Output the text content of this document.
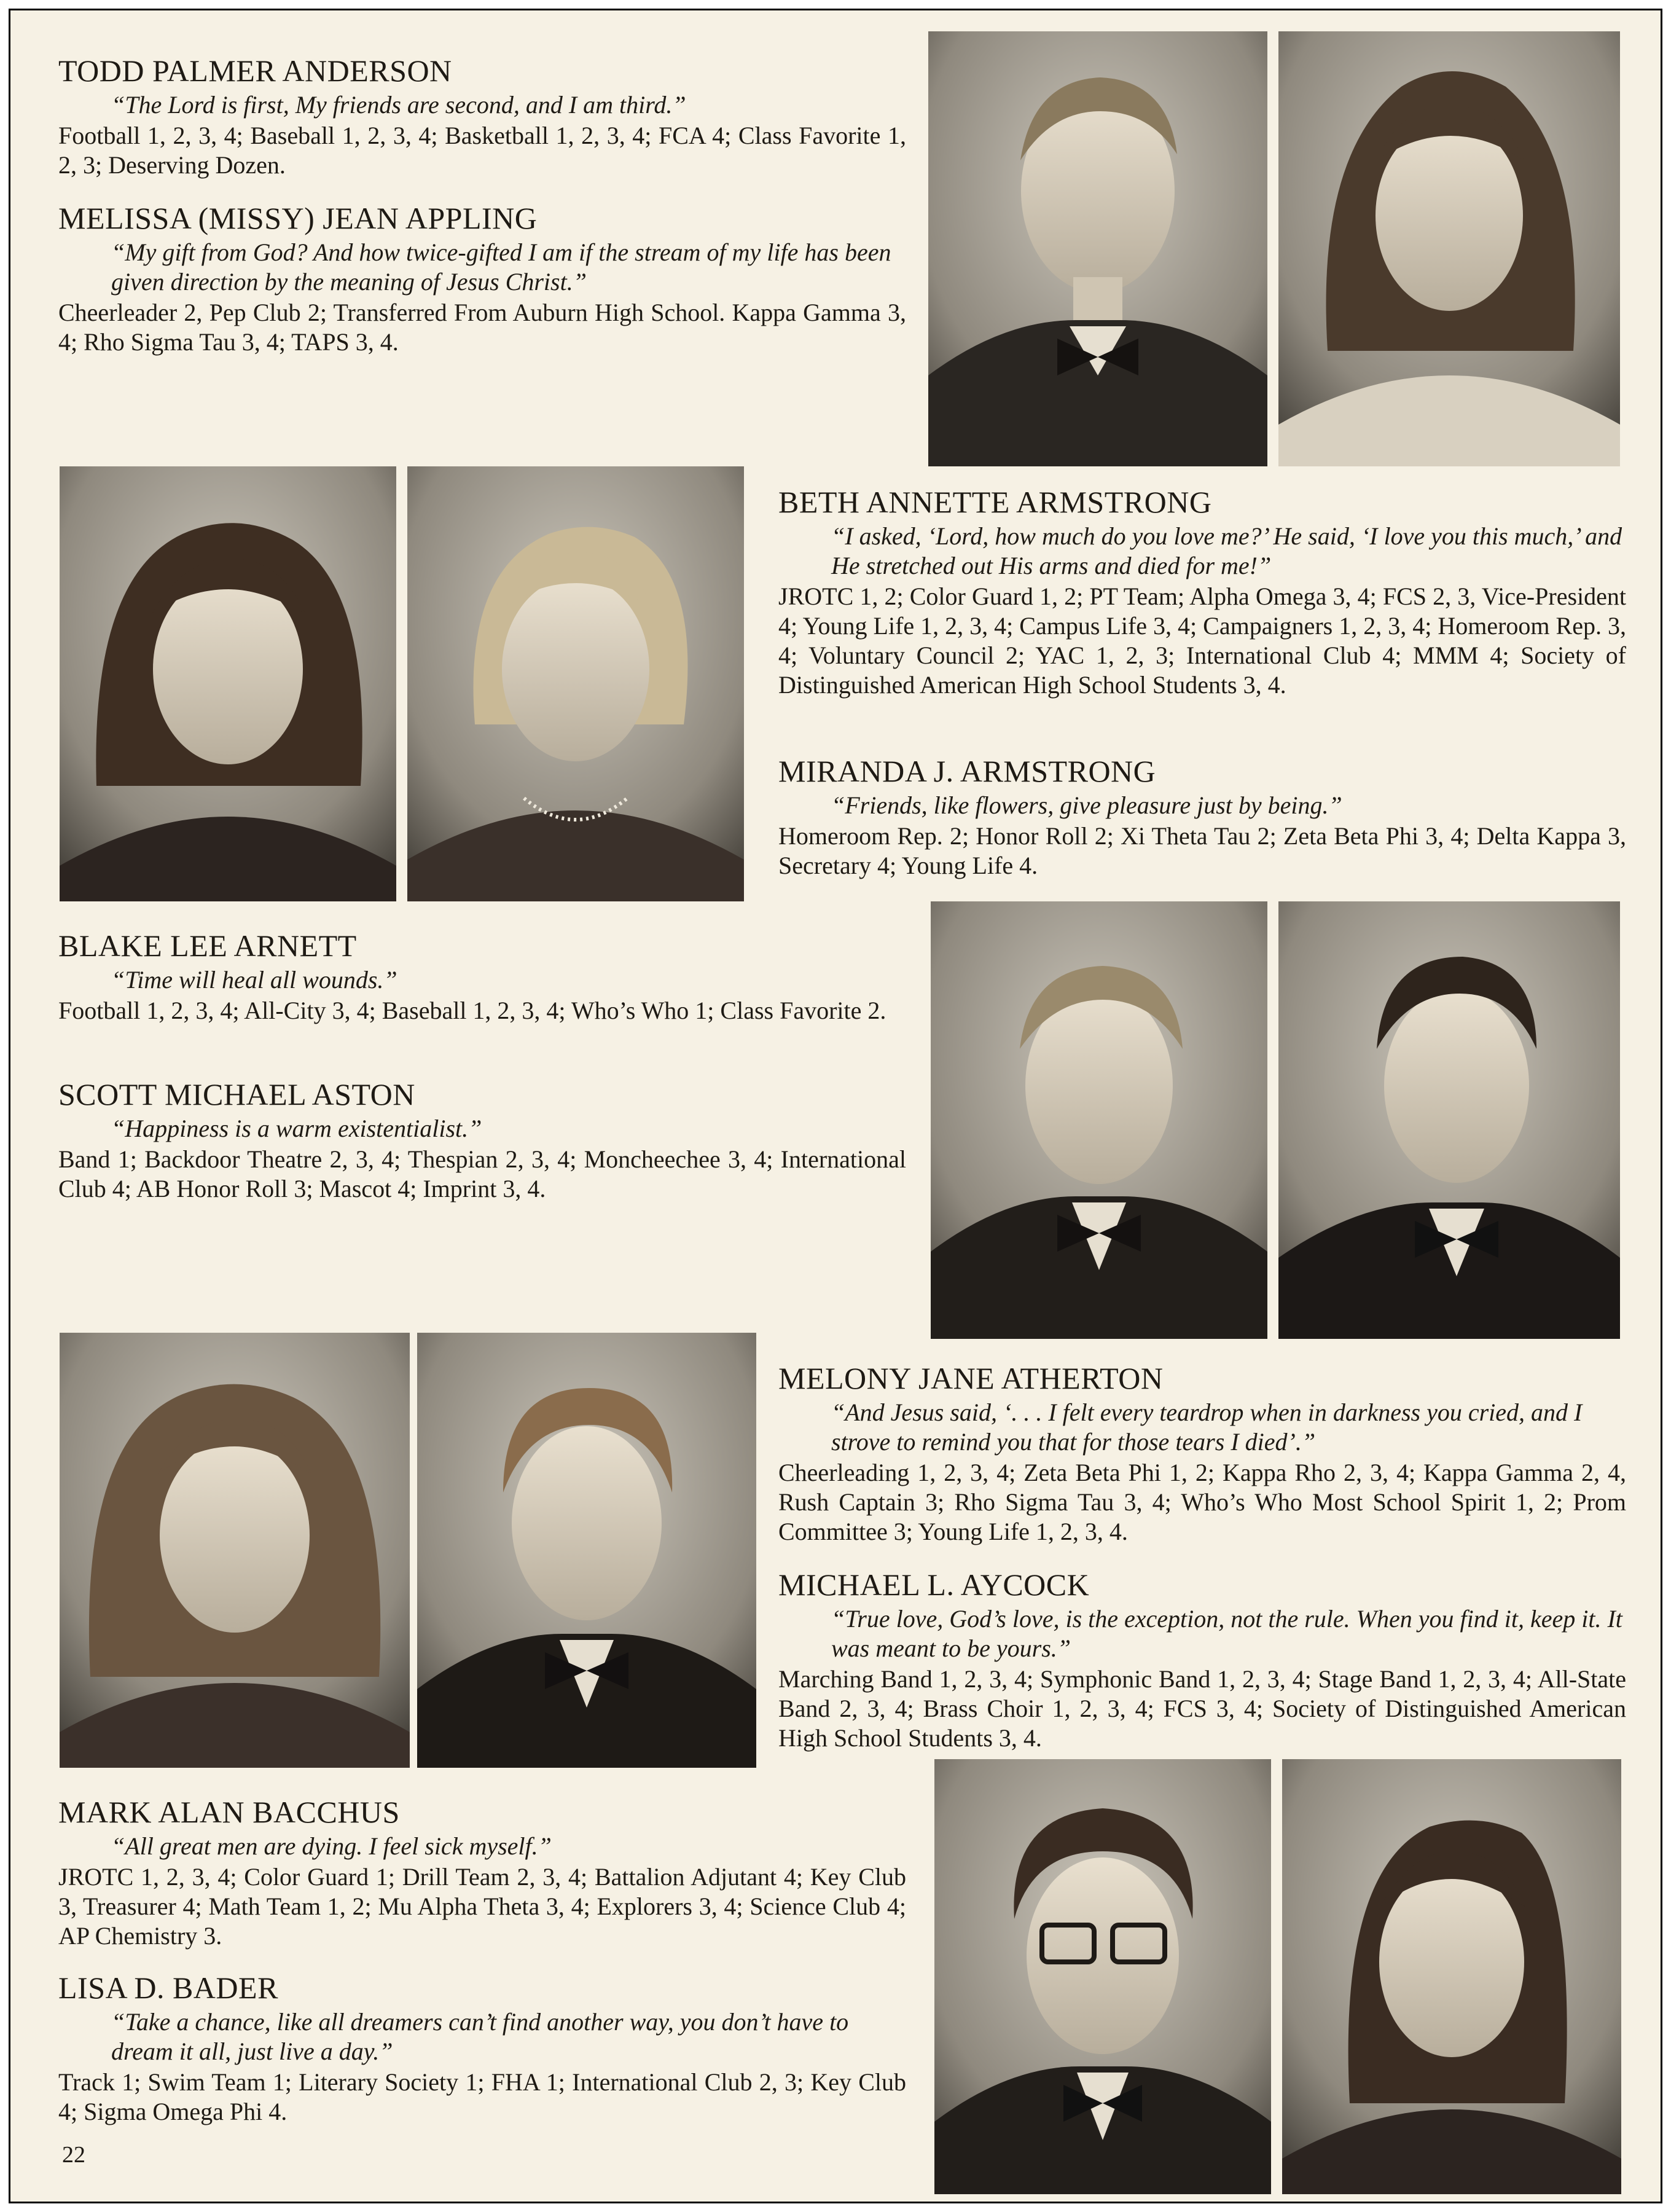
TODD PALMER ANDERSON

“The Lord is first, My friends are second, and I am third.”

Football 1, 2, 3, 4; Baseball 1, 2, 3, 4; Basketball 1, 2, 3, 4; FCA 4; Class Favorite 1, 2, 3; Deserving Dozen.

MELISSA (MISSY) JEAN APPLING

“My gift from God? And how twice-gifted I am if the stream of my life has been given direction by the meaning of Jesus Christ.”

Cheerleader 2, Pep Club 2; Transferred From Auburn High School. Kappa Gamma 3, 4; Rho Sigma Tau 3, 4; TAPS 3, 4.

BETH ANNETTE ARMSTRONG

“I asked, ‘Lord, how much do you love me?’ He said, ‘I love you this much,’ and He stretched out His arms and died for me!”

JROTC 1, 2; Color Guard 1, 2; PT Team; Alpha Omega 3, 4; FCS 2, 3, Vice-President 4; Young Life 1, 2, 3, 4; Campus Life 3, 4; Campaigners 1, 2, 3, 4; Homeroom Rep. 3, 4; Voluntary Council 2; YAC 1, 2, 3; International Club 4; MMM 4; Society of Distinguished American High School Students 3, 4.

MIRANDA J. ARMSTRONG

“Friends, like flowers, give pleasure just by being.”

Homeroom Rep. 2; Honor Roll 2; Xi Theta Tau 2; Zeta Beta Phi 3, 4; Delta Kappa 3, Secretary 4; Young Life 4.

BLAKE LEE ARNETT

“Time will heal all wounds.”

Football 1, 2, 3, 4; All-City 3, 4; Baseball 1, 2, 3, 4; Who’s Who 1; Class Favorite 2.

SCOTT MICHAEL ASTON

“Happiness is a warm existentialist.”

Band 1; Backdoor Theatre 2, 3, 4; Thespian 2, 3, 4; Moncheechee 3, 4; International Club 4; AB Honor Roll 3; Mascot 4; Imprint 3, 4.

MELONY JANE ATHERTON

“And Jesus said, ‘. . . I felt every teardrop when in darkness you cried, and I strove to remind you that for those tears I died’.”

Cheerleading 1, 2, 3, 4; Zeta Beta Phi 1, 2; Kappa Rho 2, 3, 4; Kappa Gamma 2, 4, Rush Captain 3; Rho Sigma Tau 3, 4; Who’s Who Most School Spirit 1, 2; Prom Committee 3; Young Life 1, 2, 3, 4.

MICHAEL L. AYCOCK

“True love, God’s love, is the exception, not the rule. When you find it, keep it. It was meant to be yours.”

Marching Band 1, 2, 3, 4; Symphonic Band 1, 2, 3, 4; Stage Band 1, 2, 3, 4; All-State Band 2, 3, 4; Brass Choir 1, 2, 3, 4; FCS 3, 4; Society of Distinguished American High School Students 3, 4.

MARK ALAN BACCHUS

“All great men are dying. I feel sick myself.”

JROTC 1, 2, 3, 4; Color Guard 1; Drill Team 2, 3, 4; Battalion Adjutant 4; Key Club 3, Treasurer 4; Math Team 1, 2; Mu Alpha Theta 3, 4; Explorers 3, 4; Science Club 4; AP Chemistry 3.

LISA D. BADER

“Take a chance, like all dreamers can’t find another way, you don’t have to dream it all, just live a day.”

Track 1; Swim Team 1; Literary Society 1; FHA 1; International Club 2, 3; Key Club 4; Sigma Omega Phi 4.

22
